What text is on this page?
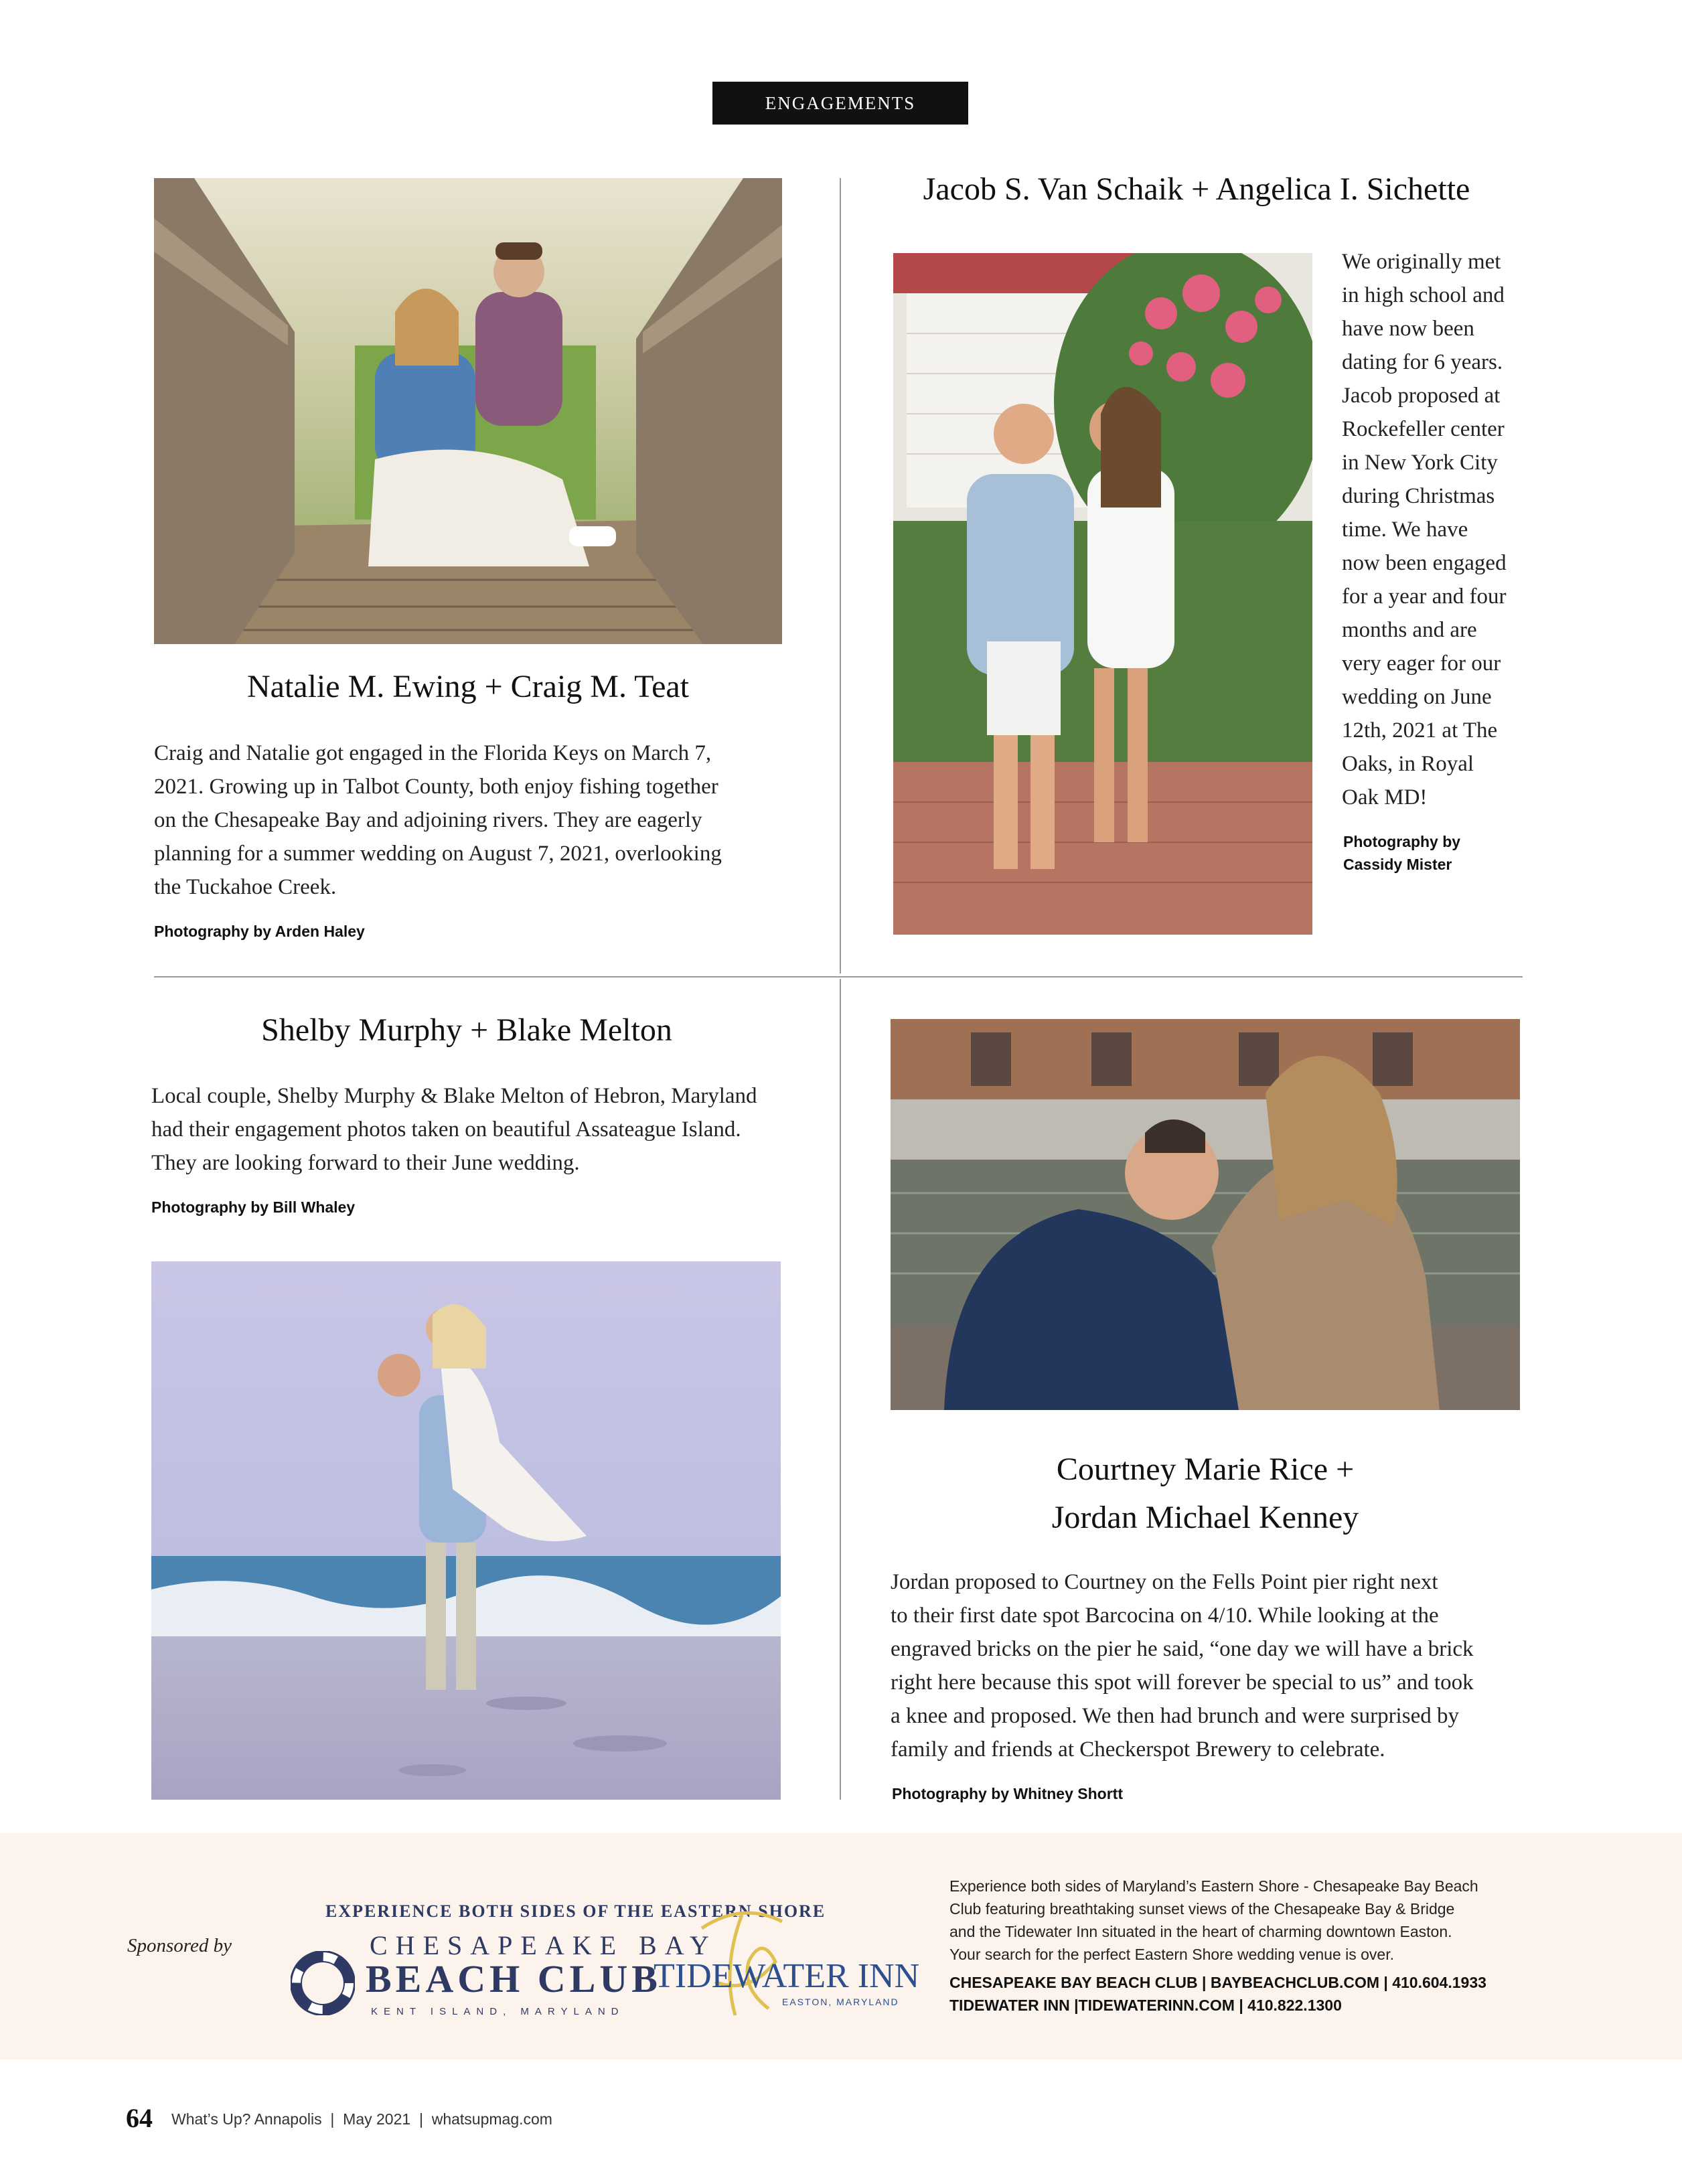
ENGAGEMENTS
Natalie M. Ewing + Craig M. Teat
Craig and Natalie got engaged in the Florida Keys on March 7,
2021. Growing up in Talbot County, both enjoy fishing together
on the Chesapeake Bay and adjoining rivers. They are eagerly
planning for a summer wedding on August 7, 2021, overlooking
the Tuckahoe Creek.
Photography by Arden Haley
Jacob S. Van Schaik + Angelica I. Sichette
We originally met
in high school and
have now been
dating for 6 years.
Jacob proposed at
Rockefeller center
in New York City
during Christmas
time. We have
now been engaged
for a year and four
months and are
very eager for our
wedding on June
12th, 2021 at The
Oaks, in Royal
Oak MD!
Photography by
Cassidy Mister
Shelby Murphy + Blake Melton
Local couple, Shelby Murphy & Blake Melton of Hebron, Maryland
had their engagement photos taken on beautiful Assateague Island.
They are looking forward to their June wedding.
Photography by Bill Whaley
Courtney Marie Rice +
Jordan Michael Kenney
Jordan proposed to Courtney on the Fells Point pier right next
to their first date spot Barcocina on 4/10. While looking at the
engraved bricks on the pier he said, “one day we will have a brick
right here because this spot will forever be special to us” and took
a knee and proposed. We then had brunch and were surprised by
family and friends at Checkerspot Brewery to celebrate.
Photography by Whitney Shortt
Sponsored by
EXPERIENCE BOTH SIDES OF THE EASTERN SHORE
CHESAPEAKE BAY
BEACH CLUB
KENT ISLAND, MARYLAND
TIDEWATER INN
EASTON, MARYLAND
Experience both sides of Maryland’s Eastern Shore - Chesapeake Bay Beach
Club featuring breathtaking sunset views of the Chesapeake Bay & Bridge
and the Tidewater Inn situated in the heart of charming downtown Easton.
Your search for the perfect Eastern Shore wedding venue is over.
CHESAPEAKE BAY BEACH CLUB | BAYBEACHCLUB.COM | 410.604.1933
TIDEWATER INN |TIDEWATERINN.COM | 410.822.1300
64 What’s Up? Annapolis  |  May 2021  |  whatsupmag.com
